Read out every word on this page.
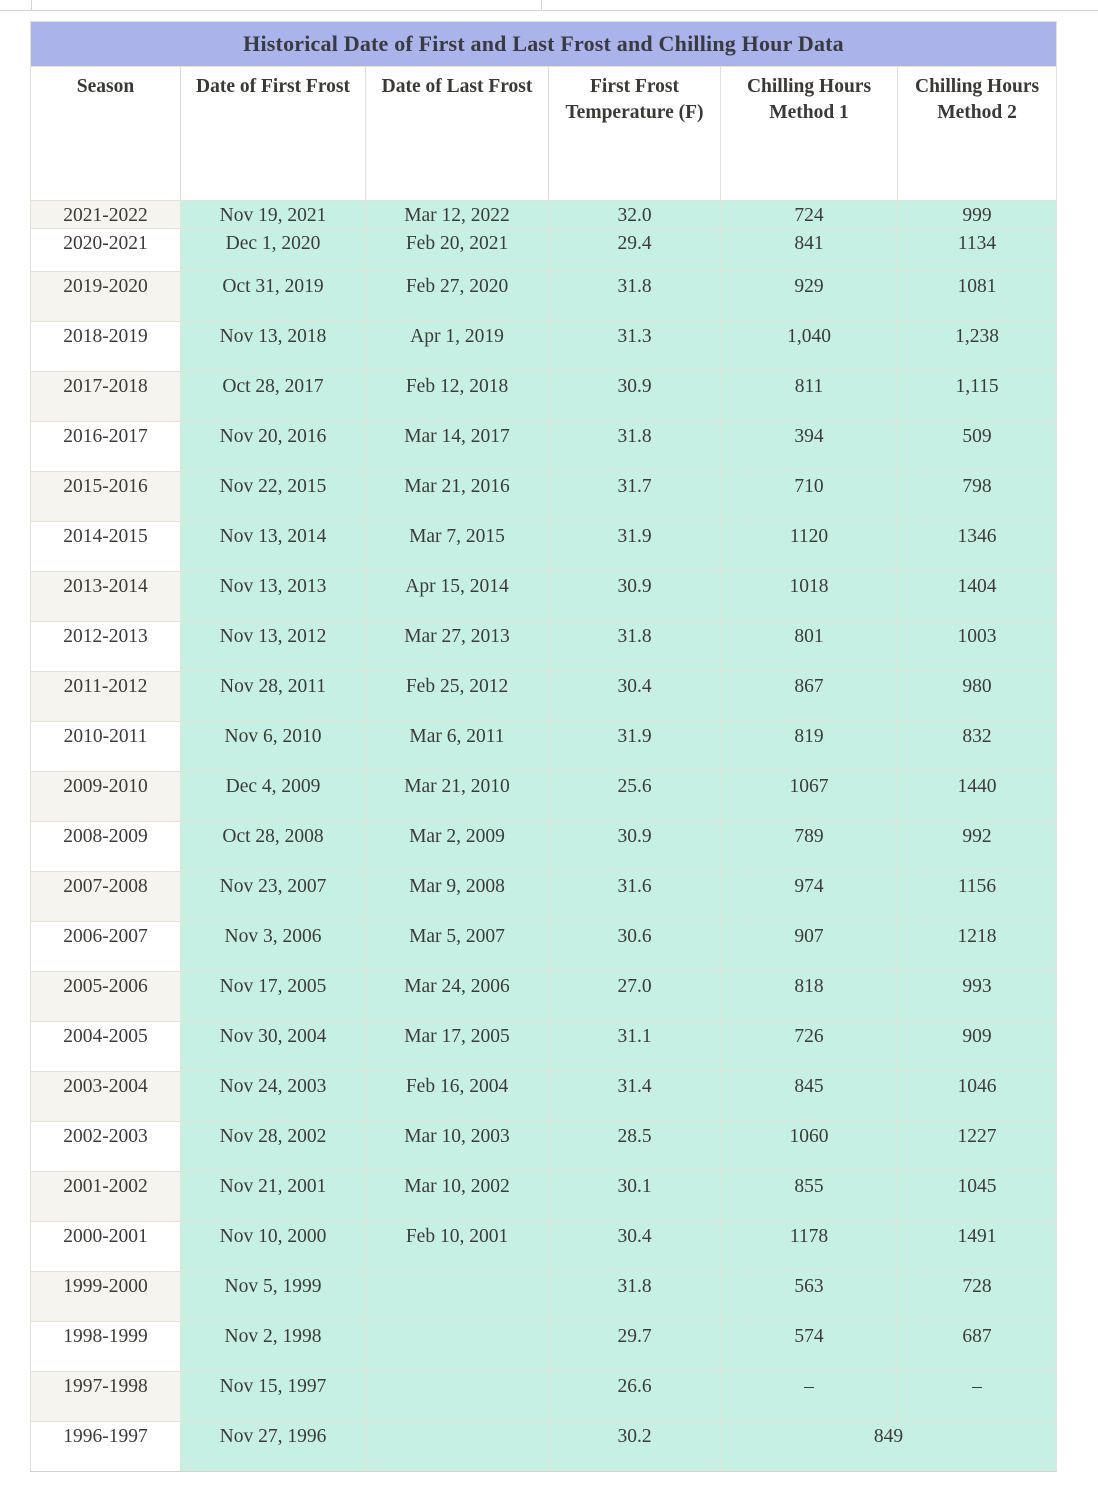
Historical Date of First and Last Frost and Chilling Hour Data					
Season	Date of First Frost	Date of Last Frost	First Frost Temperature (F)	Chilling Hours Method 1	Chilling Hours Method 2
2021-2022	Nov 19, 2021	Mar 12, 2022	32.0	724	999
2020-2021	Dec 1, 2020	Feb 20, 2021	29.4	841	1134
2019-2020	Oct 31, 2019	Feb 27, 2020	31.8	929	1081
2018-2019	Nov 13, 2018	Apr 1, 2019	31.3	1,040	1,238
2017-2018	Oct 28, 2017	Feb 12, 2018	30.9	811	1,115
2016-2017	Nov 20, 2016	Mar 14, 2017	31.8	394	509
2015-2016	Nov 22, 2015	Mar 21, 2016	31.7	710	798
2014-2015	Nov 13, 2014	Mar 7, 2015	31.9	1120	1346
2013-2014	Nov 13, 2013	Apr 15, 2014	30.9	1018	1404
2012-2013	Nov 13, 2012	Mar 27, 2013	31.8	801	1003
2011-2012	Nov 28, 2011	Feb 25, 2012	30.4	867	980
2010-2011	Nov 6, 2010	Mar 6, 2011	31.9	819	832
2009-2010	Dec 4, 2009	Mar 21, 2010	25.6	1067	1440
2008-2009	Oct 28, 2008	Mar 2, 2009	30.9	789	992
2007-2008	Nov 23, 2007	Mar 9, 2008	31.6	974	1156
2006-2007	Nov 3, 2006	Mar 5, 2007	30.6	907	1218
2005-2006	Nov 17, 2005	Mar 24, 2006	27.0	818	993
2004-2005	Nov 30, 2004	Mar 17, 2005	31.1	726	909
2003-2004	Nov 24, 2003	Feb 16, 2004	31.4	845	1046
2002-2003	Nov 28, 2002	Mar 10, 2003	28.5	1060	1227
2001-2002	Nov 21, 2001	Mar 10, 2002	30.1	855	1045
2000-2001	Nov 10, 2000	Feb 10, 2001	30.4	1178	1491
1999-2000	Nov 5, 1999		31.8	563	728
1998-1999	Nov 2, 1998		29.7	574	687
1997-1998	Nov 15, 1997		26.6	–	–
1996-1997	Nov 27, 1996		30.2	849	
